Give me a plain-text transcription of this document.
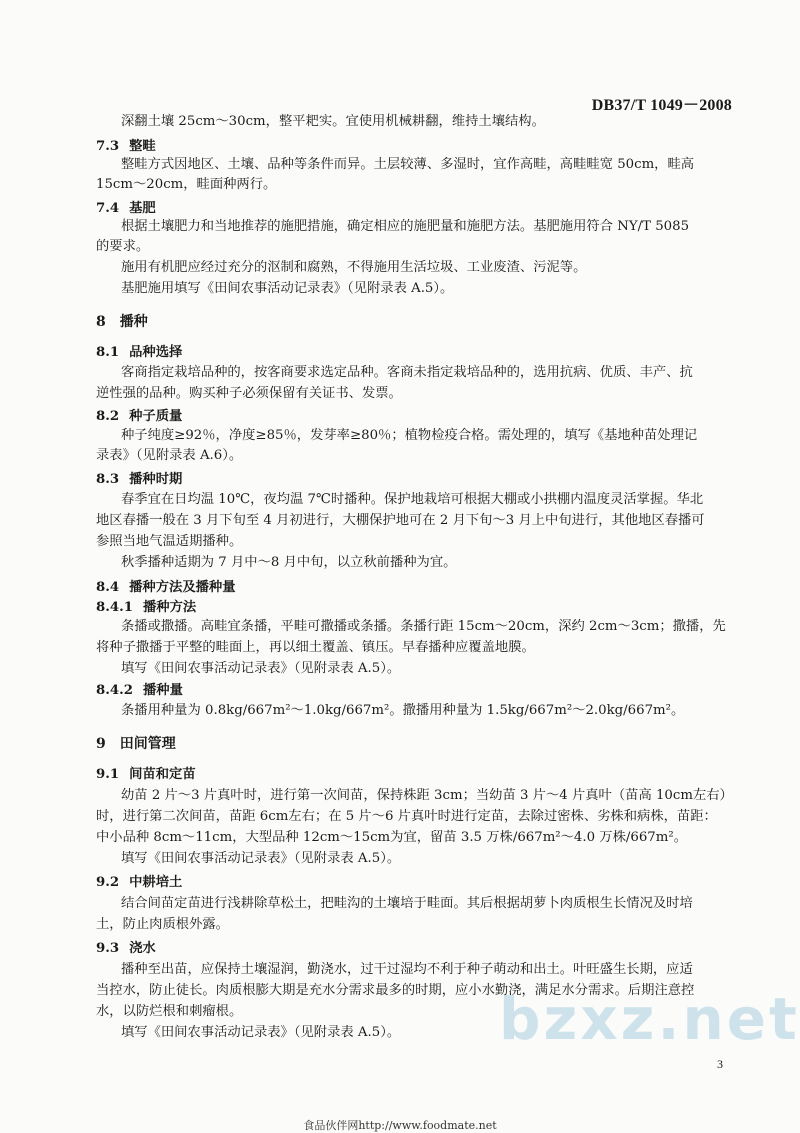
DB37/T 1049－2008
深翻土壤 25cm～30cm，整平耙实。宜使用机械耕翻，维持土壤结构。
7.3 整畦
整畦方式因地区、土壤、品种等条件而异。土层较薄、多湿时，宜作高畦，高畦畦宽 50cm，畦高
15cm～20cm，畦面种两行。
7.4 基肥
根据土壤肥力和当地推荐的施肥措施，确定相应的施肥量和施肥方法。基肥施用符合 NY/T 5085
的要求。
施用有机肥应经过充分的沤制和腐熟，不得施用生活垃圾、工业废渣、污泥等。
基肥施用填写《田间农事活动记录表》（见附录表 A.5）。
8 播种
8.1 品种选择
客商指定栽培品种的，按客商要求选定品种。客商未指定栽培品种的，选用抗病、优质、丰产、抗
逆性强的品种。购买种子必须保留有关证书、发票。
8.2 种子质量
种子纯度≥92％，净度≥85％，发芽率≥80％；植物检疫合格。需处理的，填写《基地种苗处理记
录表》（见附录表 A.6）。
8.3 播种时期
春季宜在日均温 10℃，夜均温 7℃时播种。保护地栽培可根据大棚或小拱棚内温度灵活掌握。华北
地区春播一般在 3 月下旬至 4 月初进行，大棚保护地可在 2 月下旬～3 月上中旬进行，其他地区春播可
参照当地气温适期播种。
秋季播种适期为 7 月中～8 月中旬，以立秋前播种为宜。
8.4 播种方法及播种量
8.4.1 播种方法
条播或撒播。高畦宜条播，平畦可撒播或条播。条播行距 15cm～20cm，深约 2cm～3cm；撒播，先
将种子撒播于平整的畦面上，再以细土覆盖、镇压。早春播种应覆盖地膜。
填写《田间农事活动记录表》（见附录表 A.5）。
8.4.2 播种量
条播用种量为 0.8kg/667m²～1.0kg/667m²。撒播用种量为 1.5kg/667m²～2.0kg/667m²。
9 田间管理
9.1 间苗和定苗
幼苗 2 片～3 片真叶时，进行第一次间苗，保持株距 3cm；当幼苗 3 片～4 片真叶（苗高 10cm左右）
时，进行第二次间苗，苗距 6cm左右；在 5 片～6 片真叶时进行定苗，去除过密株、劣株和病株，苗距：
中小品种 8cm～11cm，大型品种 12cm～15cm为宜，留苗 3.5 万株/667m²～4.0 万株/667m²。
填写《田间农事活动记录表》（见附录表 A.5）。
9.2 中耕培土
结合间苗定苗进行浅耕除草松土，把畦沟的土壤培于畦面。其后根据胡萝卜肉质根生长情况及时培
土，防止肉质根外露。
9.3 浇水
播种至出苗，应保持土壤湿润，勤浇水，过干过湿均不利于种子萌动和出土。叶旺盛生长期，应适
当控水，防止徒长。肉质根膨大期是充水分需求最多的时期，应小水勤浇，满足水分需求。后期注意控
水，以防烂根和刺瘤根。
填写《田间农事活动记录表》（见附录表 A.5）。
3
bzxz.net
食品伙伴网http://www.foodmate.net
